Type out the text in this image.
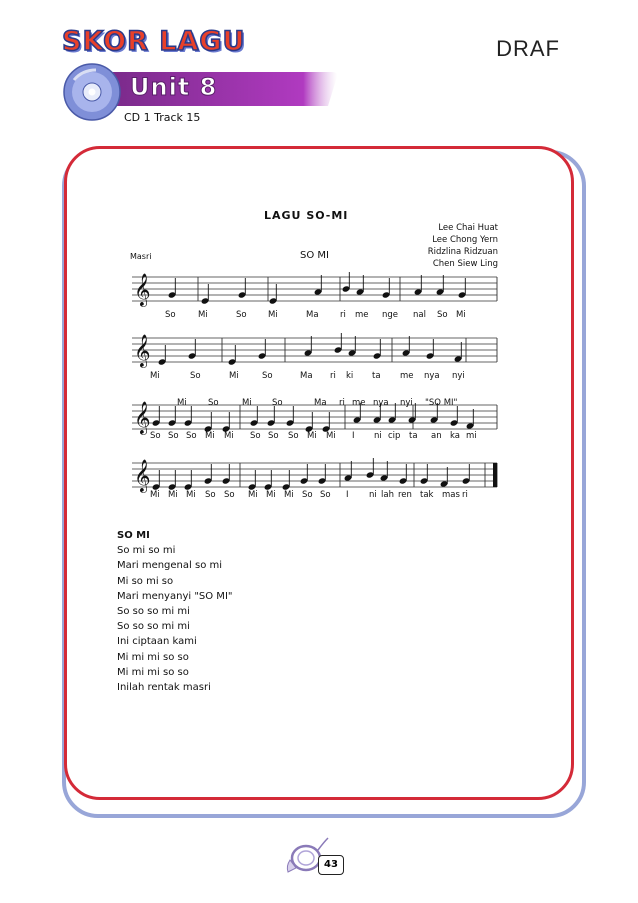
SKOR LAGU	DRAF
Unit 8
CD 1 Track 15
LAGU SO-MI
SO MI
Masri
Lee Chai Huat
Lee Chong Yern
Ridzlina Ridzuan
Chen Siew Ling
𝄞
𝄞
𝄞
𝄞
So	Mi	So	Mi	Ma	ri me nge nal So Mi
Mi	So	Mi	So	Ma ri ki ta me nya nyi
Mi	So	Mi So	Ma ri me nya nyi "SO MI"
So So So Mi Mi So So So Mi Mi I ni cip ta an ka mi
Mi Mi Mi So So Mi Mi Mi So So I ni lah ren tak mas ri
SO MI
So mi so mi
Mari mengenal so mi
Mi so mi so
Mari menyanyi "SO MI"
So so so mi mi
So so so mi mi
Ini ciptaan kami
Mi mi mi so so
Mi mi mi so so
Inilah rentak masri
43
